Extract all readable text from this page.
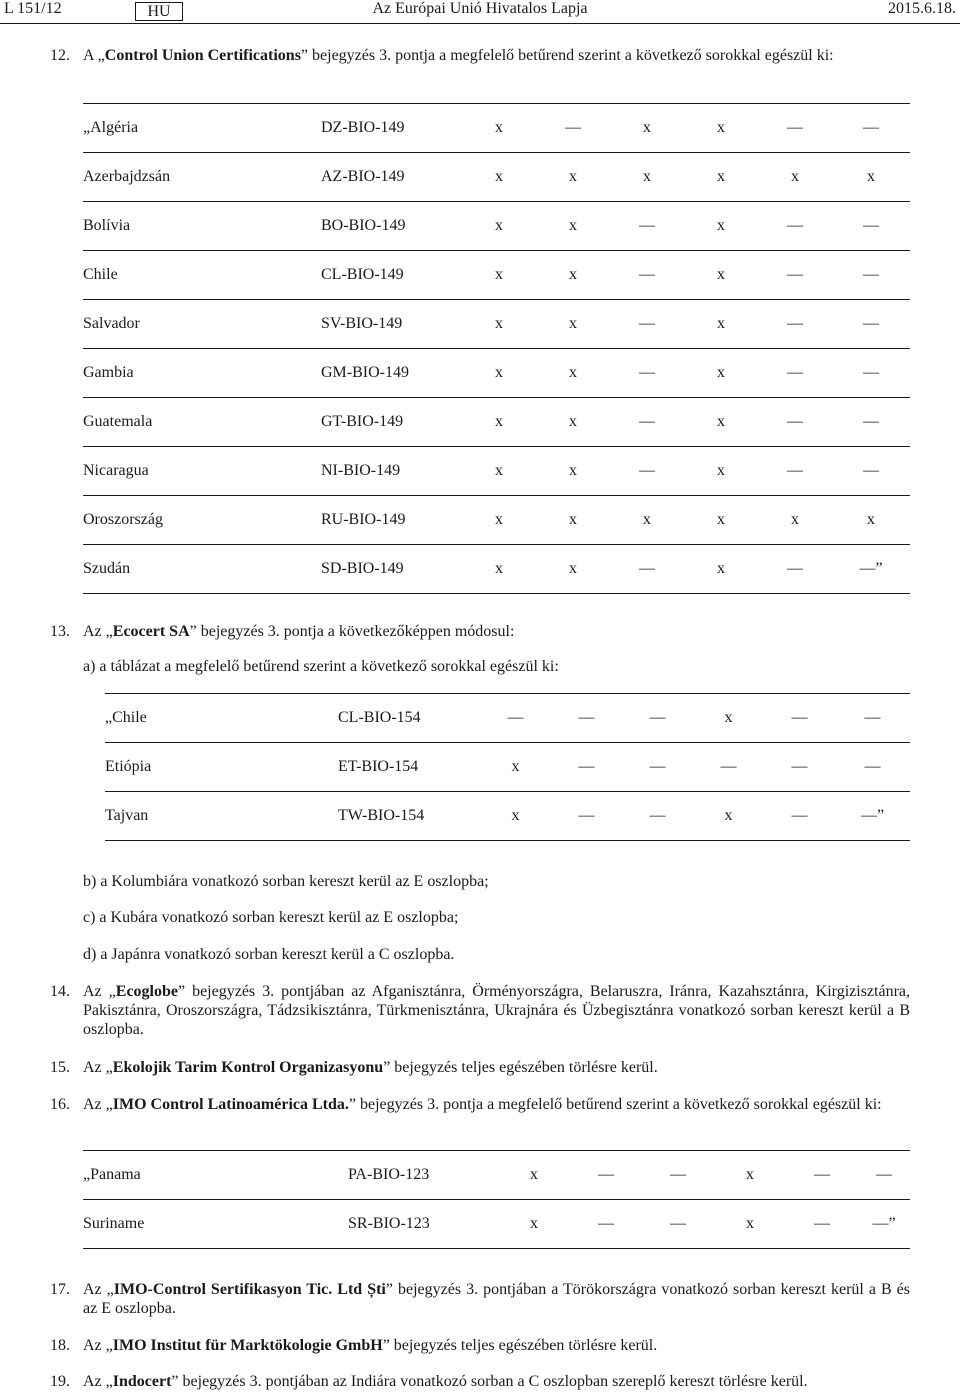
Az Európai Unió Hivatalos Lapja
L 151/12	HU	2015.6.18.
12. A „Control Union Certifications” bejegyzés 3. pontja a megfelelő betűrend szerint a következő sorokkal egészül ki:
„Algéria	DZ-BIO-149	x	—	x	x	—	—
Azerbajdzsán	AZ-BIO-149	x	x	x	x	x	x
Bolívia	BO-BIO-149	x	x	—	x	—	—
Chile	CL-BIO-149	x	x	—	x	—	—
Salvador	SV-BIO-149	x	x	—	x	—	—
Gambia	GM-BIO-149	x	x	—	x	—	—
Guatemala	GT-BIO-149	x	x	—	x	—	—
Nicaragua	NI-BIO-149	x	x	—	x	—	—
Oroszország	RU-BIO-149	x	x	x	x	x	x
Szudán	SD-BIO-149	x	x	—	x	—	—”
13. Az „Ecocert SA” bejegyzés 3. pontja a következőképpen módosul:
a) a táblázat a megfelelő betűrend szerint a következő sorokkal egészül ki:
„Chile	CL-BIO-154	—	—	—	x	—	—
Etiópia	ET-BIO-154	x	—	—	—	—	—
Tajvan	TW-BIO-154	x	—	—	x	—	—”
b) a Kolumbiára vonatkozó sorban kereszt kerül az E oszlopba;
c) a Kubára vonatkozó sorban kereszt kerül az E oszlopba;
d) a Japánra vonatkozó sorban kereszt kerül a C oszlopba.
14. Az „Ecoglobe” bejegyzés 3. pontjában az Afganisztánra, Örményországra, Belaruszra, Iránra, Kazahsztánra, Kirgizisztánra, Pakisztánra, Oroszországra, Tádzsikisztánra, Türkmenisztánra, Ukrajnára és Üzbegisztánra vonatkozó sorban kereszt kerül a B oszlopba.
15. Az „Ekolojik Tarim Kontrol Organizasyonu” bejegyzés teljes egészében törlésre kerül.
16. Az „IMO Control Latinoamérica Ltda.” bejegyzés 3. pontja a megfelelő betűrend szerint a következő sorokkal egészül ki:
„Panama	PA-BIO-123	x	—	—	x	—	—
Suriname	SR-BIO-123	x	—	—	x	—	—”
17. Az „IMO-Control Sertifikasyon Tic. Ltd Ști” bejegyzés 3. pontjában a Törökországra vonatkozó sorban kereszt kerül a B és az E oszlopba.
18. Az „IMO Institut für Marktökologie GmbH” bejegyzés teljes egészében törlésre kerül.
19. Az „Indocert” bejegyzés 3. pontjában az Indiára vonatkozó sorban a C oszlopban szereplő kereszt törlésre kerül.
